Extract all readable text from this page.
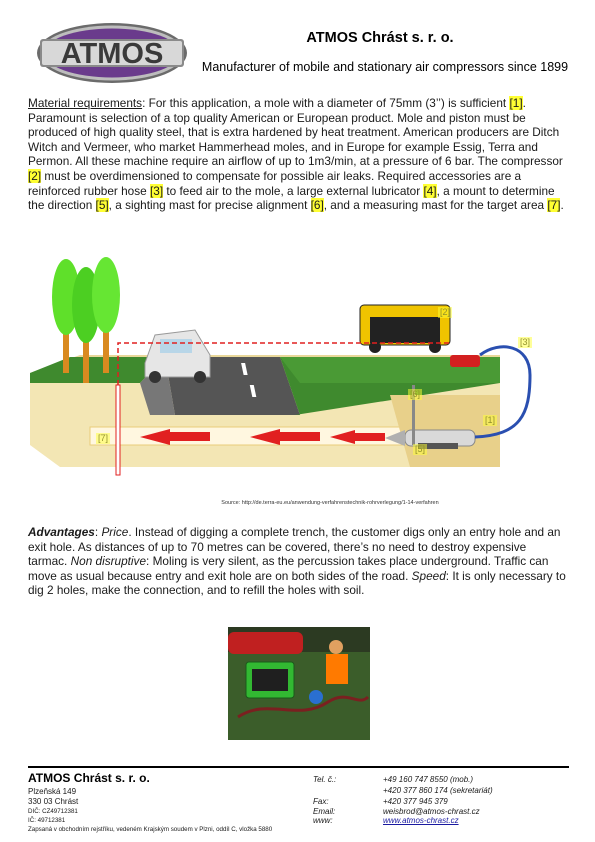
ATMOS	ATMOS Chrást s. r. o.
Manufacturer of mobile and stationary air compressors since 1899
Material requirements: For this application, a mole with a diameter of 75mm (3’’) is sufficient [1]. Paramount is selection of a top quality American or European product. Mole and piston must be produced of high quality steel, that is extra hardened by heat treatment. American producers are Ditch Witch and Vermeer, who market Hammerhead moles, and in Europe for example Essig, Terra and Permon. All these machine require an airflow of up to 1m3/min, at a pressure of 6 bar. The compressor [2] must be overdimensioned to compensate for possible air leaks. Required accessories are a reinforced rubber hose [3] to feed air to the mole, a large external lubricator [4], a mount to determine the direction [5], a sighting mast for precise alignment [6], and a measuring mast for the target area [7].
Source: http://de.terra-eu.eu/anwendung-verfahrenstechnik-rohrverlegung/1-14-verfahren
Advantages: Price. Instead of digging a complete trench, the customer digs only an entry hole and an exit hole. As distances of up to 70 metres can be covered, there’s no need to destroy expensive tarmac. Non disruptive: Moling is very silent, as the percussion takes place underground. Traffic can move as usual because entry and exit hole are on both sides of the road. Speed: It is only necessary to dig 2 holes, make the connection, and to refill the holes with soil.
ATMOS Chrást s. r. o.
Plzeňská 149
330 03 Chrást
DIČ: CZ49712381
IČ: 49712381
Zapsaná v obchodním rejstříku, vedeném Krajským soudem v Plzni, oddíl C, vložka 5880
Tel. č.:	+49 160 747 8550 (mob.)
+420 377 860 174 (sekretariát)
Fax:	+420 377 945 379
Email:	weisbrod@atmos-chrast.cz
www:	www.atmos-chrast.cz
